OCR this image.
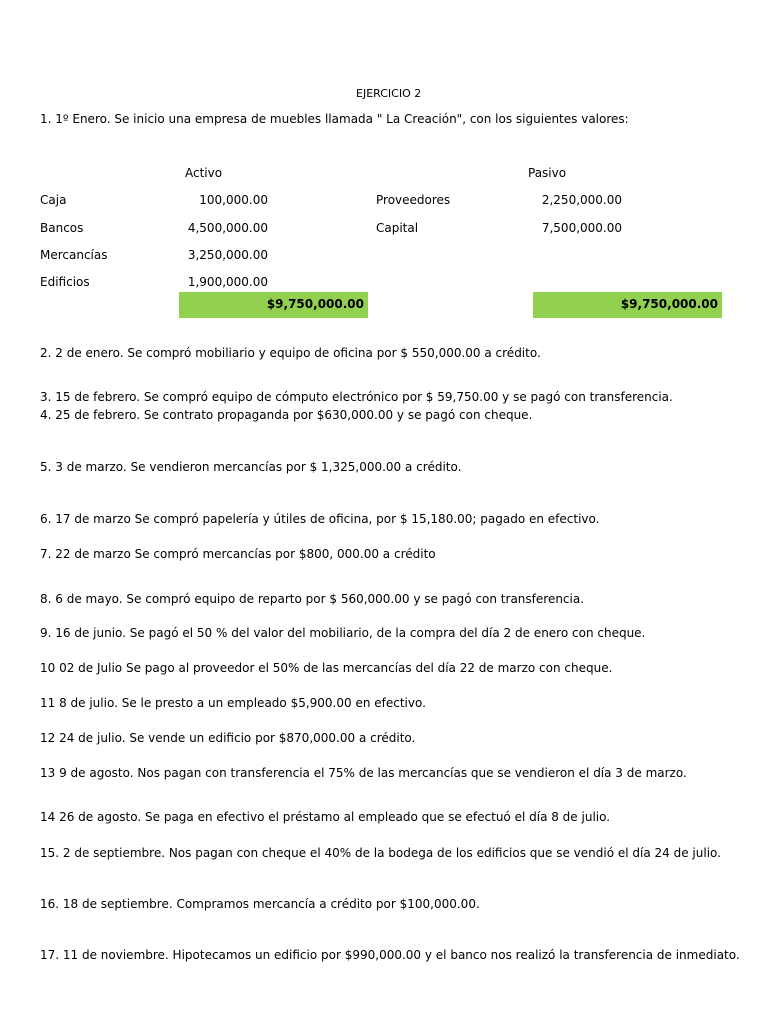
EJERCICIO 2
1. 1º Enero. Se inicio una empresa de muebles llamada " La Creación", con los siguientes valores:
Activo
Caja	100,000.00
Bancos	4,500,000.00
Mercancías	3,250,000.00
Edificios	1,900,000.00
$9,750,000.00
Pasivo
Proveedores	2,250,000.00
Capital	7,500,000.00
$9,750,000.00
2. 2 de enero. Se compró mobiliario y equipo de oficina por $ 550,000.00 a crédito.
3. 15 de febrero. Se compró equipo de cómputo electrónico por $ 59,750.00 y se pagó con transferencia.
4. 25 de febrero. Se contrato propaganda por $630,000.00 y se pagó con cheque.
5. 3 de marzo. Se vendieron mercancías por $ 1,325,000.00 a crédito.
6. 17 de marzo Se compró papelería y útiles de oficina, por $ 15,180.00; pagado en efectivo.
7. 22 de marzo Se compró mercancías por $800, 000.00 a crédito
8. 6 de mayo. Se compró equipo de reparto por $ 560,000.00 y se pagó con transferencia.
9. 16 de junio. Se pagó el 50 % del valor del mobiliario, de la compra del día 2 de enero con cheque.
10 02 de Julio Se pago al proveedor el 50% de las mercancías del día 22 de marzo con cheque.
11 8 de julio. Se le presto a un empleado $5,900.00 en efectivo.
12 24 de julio. Se vende un edificio por $870,000.00 a crédito.
13 9 de agosto. Nos pagan con transferencia el 75% de las mercancías que se vendieron el día 3 de marzo.
14 26 de agosto. Se paga en efectivo el préstamo al empleado que se efectuó el día 8 de julio.
15. 2 de septiembre. Nos pagan con cheque el 40% de la bodega de los edificios que se vendió el día 24 de julio.
16. 18 de septiembre. Compramos mercancía a crédito por $100,000.00.
17. 11 de noviembre. Hipotecamos un edificio por $990,000.00 y el banco nos realizó la transferencia de inmediato.
